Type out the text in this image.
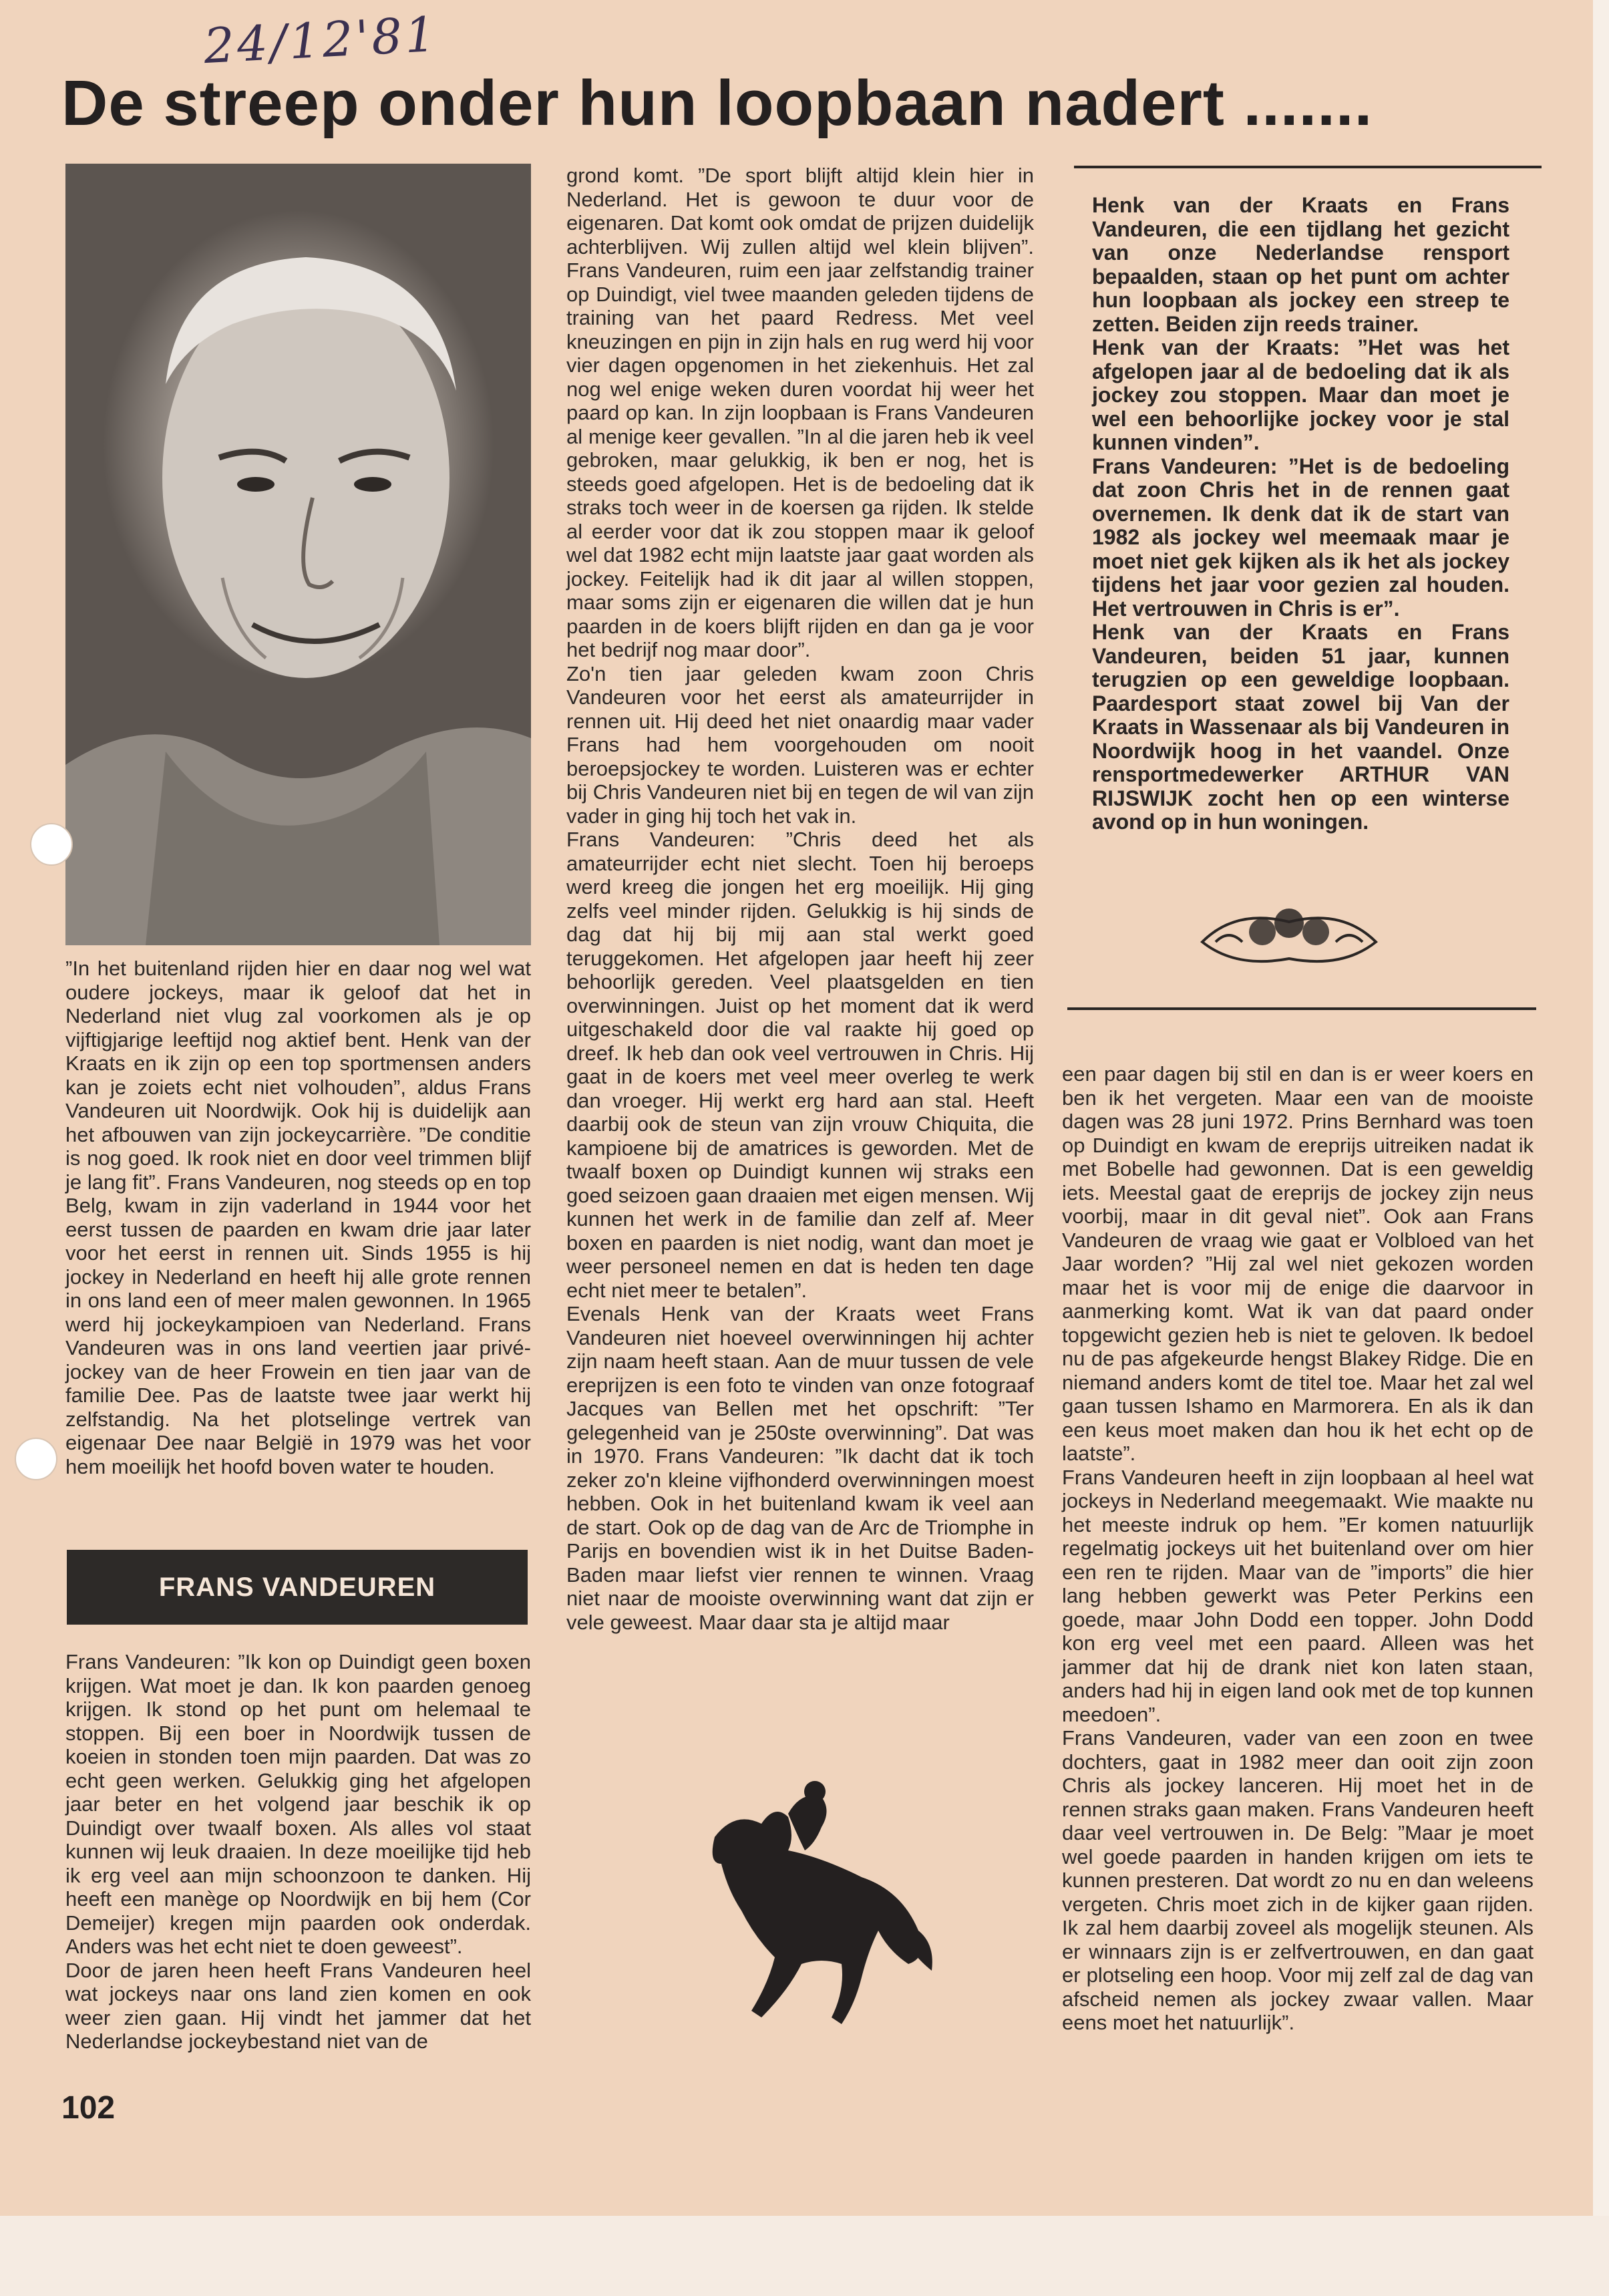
24/12'81
De streep onder hun loopbaan nadert .......

”In het buitenland rijden hier en daar nog wel wat oudere jockeys, maar ik geloof dat het in Nederland niet vlug zal voorkomen als je op vijftigjarige leeftijd nog aktief bent. Henk van der Kraats en ik zijn op een top sportmensen anders kan je zoiets echt niet volhouden”, aldus Frans Vandeuren uit Noordwijk. Ook hij is duidelijk aan het afbouwen van zijn jockeycarrière. ”De conditie is nog goed. Ik rook niet en door veel trimmen blijf je lang fit”. Frans Vandeuren, nog steeds op en top Belg, kwam in zijn vaderland in 1944 voor het eerst tussen de paarden en kwam drie jaar later voor het eerst in rennen uit. Sinds 1955 is hij jockey in Nederland en heeft hij alle grote rennen in ons land een of meer malen gewonnen. In 1965 werd hij jockeykampioen van Nederland. Frans Vandeuren was in ons land veertien jaar privé-jockey van de heer Frowein en tien jaar van de familie Dee. Pas de laatste twee jaar werkt hij zelfstandig. Na het plotselinge vertrek van eigenaar Dee naar België in 1979 was het voor hem moeilijk het hoofd boven water te houden.

FRANS VANDEUREN

Frans Vandeuren: ”Ik kon op Duindigt geen boxen krijgen. Wat moet je dan. Ik kon paarden genoeg krijgen. Ik stond op het punt om helemaal te stoppen. Bij een boer in Noordwijk tussen de koeien in stonden toen mijn paarden. Dat was zo echt geen werken. Gelukkig ging het afgelopen jaar beter en het volgend jaar beschik ik op Duindigt over twaalf boxen. Als alles vol staat kunnen wij leuk draaien. In deze moeilijke tijd heb ik erg veel aan mijn schoonzoon te danken. Hij heeft een manège op Noordwijk en bij hem (Cor Demeijer) kregen mijn paarden ook onderdak. Anders was het echt niet te doen geweest”.

Door de jaren heen heeft Frans Vandeuren heel wat jockeys naar ons land zien komen en ook weer zien gaan. Hij vindt het jammer dat het Nederlandse jockeybestand niet van de

grond komt. ”De sport blijft altijd klein hier in Nederland. Het is gewoon te duur voor de eigenaren. Dat komt ook omdat de prijzen duidelijk achterblijven. Wij zullen altijd wel klein blijven”. Frans Vandeuren, ruim een jaar zelfstandig trainer op Duindigt, viel twee maanden geleden tijdens de training van het paard Redress. Met veel kneuzingen en pijn in zijn hals en rug werd hij voor vier dagen opgenomen in het ziekenhuis. Het zal nog wel enige weken duren voordat hij weer het paard op kan. In zijn loopbaan is Frans Vandeuren al menige keer gevallen. ”In al die jaren heb ik veel gebroken, maar gelukkig, ik ben er nog, het is steeds goed afgelopen. Het is de bedoeling dat ik straks toch weer in de koersen ga rijden. Ik stelde al eerder voor dat ik zou stoppen maar ik geloof wel dat 1982 echt mijn laatste jaar gaat worden als jockey. Feitelijk had ik dit jaar al willen stoppen, maar soms zijn er eigenaren die willen dat je hun paarden in de koers blijft rijden en dan ga je voor het bedrijf nog maar door”.

Zo'n tien jaar geleden kwam zoon Chris Vandeuren voor het eerst als amateurrijder in rennen uit. Hij deed het niet onaardig maar vader Frans had hem voorgehouden om nooit beroepsjockey te worden. Luisteren was er echter bij Chris Vandeuren niet bij en tegen de wil van zijn vader in ging hij toch het vak in.

Frans Vandeuren: ”Chris deed het als amateurrijder echt niet slecht. Toen hij beroeps werd kreeg die jongen het erg moeilijk. Hij ging zelfs veel minder rijden. Gelukkig is hij sinds de dag dat hij bij mij aan stal werkt goed teruggekomen. Het afgelopen jaar heeft hij zeer behoorlijk gereden. Veel plaatsgelden en tien overwinningen. Juist op het moment dat ik werd uitgeschakeld door die val raakte hij goed op dreef. Ik heb dan ook veel vertrouwen in Chris. Hij gaat in de koers met veel meer overleg te werk dan vroeger. Hij werkt erg hard aan stal. Heeft daarbij ook de steun van zijn vrouw Chiquita, die kampioene bij de amatrices is geworden. Met de twaalf boxen op Duindigt kunnen wij straks een goed seizoen gaan draaien met eigen mensen. Wij kunnen het werk in de familie dan zelf af. Meer boxen en paarden is niet nodig, want dan moet je weer personeel nemen en dat is heden ten dage echt niet meer te betalen”.

Evenals Henk van der Kraats weet Frans Vandeuren niet hoeveel overwinningen hij achter zijn naam heeft staan. Aan de muur tussen de vele ereprijzen is een foto te vinden van onze fotograaf Jacques van Bellen met het opschrift: ”Ter gelegenheid van je 250ste overwinning”. Dat was in 1970. Frans Vandeuren: ”Ik dacht dat ik toch zeker zo'n kleine vijfhonderd overwinningen moest hebben. Ook in het buitenland kwam ik veel aan de start. Ook op de dag van de Arc de Triomphe in Parijs en bovendien wist ik in het Duitse Baden-Baden maar liefst vier rennen te winnen. Vraag niet naar de mooiste overwinning want dat zijn er vele geweest. Maar daar sta je altijd maar

Henk van der Kraats en Frans Vandeuren, die een tijdlang het gezicht van onze Nederlandse rensport bepaalden, staan op het punt om achter hun loopbaan als jockey een streep te zetten. Beiden zijn reeds trainer.

Henk van der Kraats: ”Het was het afgelopen jaar al de bedoeling dat ik als jockey zou stoppen. Maar dan moet je wel een behoorlijke jockey voor je stal kunnen vinden”.

Frans Vandeuren: ”Het is de bedoeling dat zoon Chris het in de rennen gaat overnemen. Ik denk dat ik de start van 1982 als jockey wel meemaak maar je moet niet gek kijken als ik het als jockey tijdens het jaar voor gezien zal houden. Het vertrouwen in Chris is er”.

Henk van der Kraats en Frans Vandeuren, beiden 51 jaar, kunnen terugzien op een geweldige loopbaan. Paardesport staat zowel bij Van der Kraats in Wassenaar als bij Vandeuren in Noordwijk hoog in het vaandel. Onze rensportmedewerker ARTHUR VAN RIJSWIJK zocht hen op een winterse avond op in hun woningen.

een paar dagen bij stil en dan is er weer koers en ben ik het vergeten. Maar een van de mooiste dagen was 28 juni 1972. Prins Bernhard was toen op Duindigt en kwam de ereprijs uitreiken nadat ik met Bobelle had gewonnen. Dat is een geweldig iets. Meestal gaat de ereprijs de jockey zijn neus voorbij, maar in dit geval niet”. Ook aan Frans Vandeuren de vraag wie gaat er Volbloed van het Jaar worden? ”Hij zal wel niet gekozen worden maar het is voor mij de enige die daarvoor in aanmerking komt. Wat ik van dat paard onder topgewicht gezien heb is niet te geloven. Ik bedoel nu de pas afgekeurde hengst Blakey Ridge. Die en niemand anders komt de titel toe. Maar het zal wel gaan tussen Ishamo en Marmorera. En als ik dan een keus moet maken dan hou ik het echt op de laatste”.

Frans Vandeuren heeft in zijn loopbaan al heel wat jockeys in Nederland meegemaakt. Wie maakte nu het meeste indruk op hem. ”Er komen natuurlijk regelmatig jockeys uit het buitenland over om hier een ren te rijden. Maar van de ”imports” die hier lang hebben gewerkt was Peter Perkins een goede, maar John Dodd een topper. John Dodd kon erg veel met een paard. Alleen was het jammer dat hij de drank niet kon laten staan, anders had hij in eigen land ook met de top kunnen meedoen”.

Frans Vandeuren, vader van een zoon en twee dochters, gaat in 1982 meer dan ooit zijn zoon Chris als jockey lanceren. Hij moet het in de rennen straks gaan maken. Frans Vandeuren heeft daar veel vertrouwen in. De Belg: ”Maar je moet wel goede paarden in handen krijgen om iets te kunnen presteren. Dat wordt zo nu en dan weleens vergeten. Chris moet zich in de kijker gaan rijden. Ik zal hem daarbij zoveel als mogelijk steunen. Als er winnaars zijn is er zelfvertrouwen, en dan gaat er plotseling een hoop. Voor mij zelf zal de dag van afscheid nemen als jockey zwaar vallen. Maar eens moet het natuurlijk”.

102
